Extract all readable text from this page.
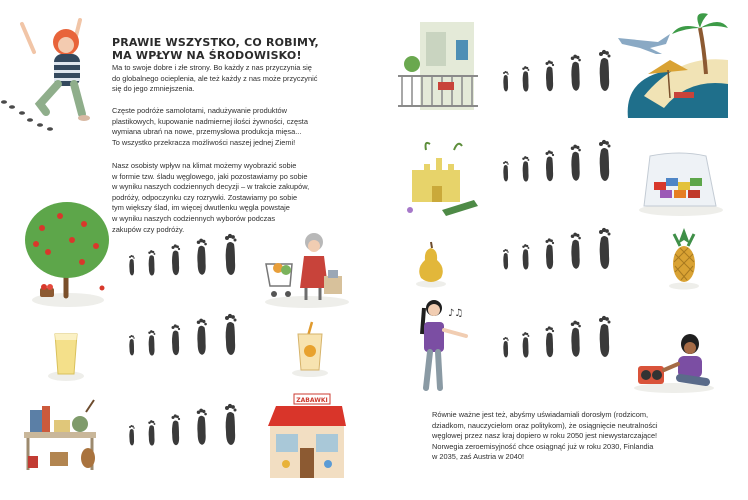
PRAWIE WSZYSTKO, CO ROBIMY,
MA WPŁYW NA ŚRODOWISKO!
Ma to swoje dobre i złe strony. Bo każdy z nas przyczynia się
do globalnego ocieplenia, ale też każdy z nas może przyczynić
się do jego zmniejszenia.
Częste podróże samolotami, nadużywanie produktów
plastikowych, kupowanie nadmiernej ilości żywności, częsta
wymiana ubrań na nowe, przemysłowa produkcja mięsa...
To wszystko przekracza możliwości naszej jednej Ziemi!
Nasz osobisty wpływ na klimat możemy wyobrazić sobie
w formie tzw. śladu węglowego, jaki pozostawiamy po sobie
w wyniku naszych codziennych decyzji – w trakcie zakupów,
podróży, odpoczynku czy rozrywki. Zostawiamy po sobie
tym większy ślad, im więcej dwutlenku węgla powstaje
w wyniku naszych codziennych wyborów podczas
zakupów czy podróży.
Równie ważne jest też, abyśmy uświadamiali dorosłym (rodzicom,
dziadkom, nauczycielom oraz politykom), że osiągnięcie neutralności
węglowej przez nasz kraj dopiero w roku 2050 jest niewystarczające!
Norwegia zeroemisyjność chce osiągnąć już w roku 2030, Finlandia
w 2035, zaś Austria w 2040!
ZABAWKI
♪♫
